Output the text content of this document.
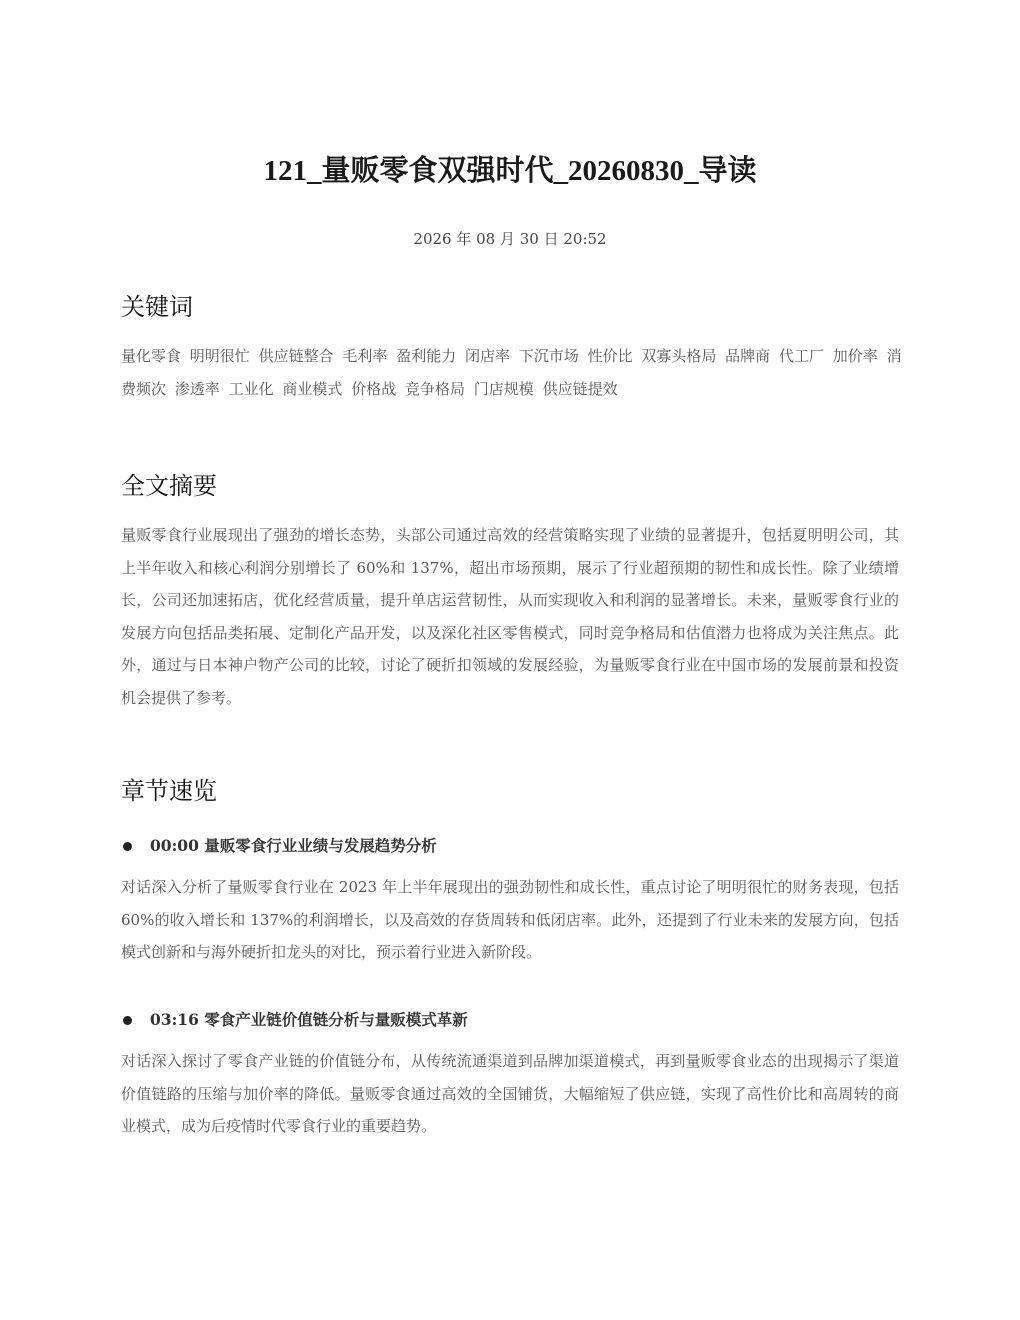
121_量贩零食双强时代_20260830_导读

2026 年 08 月 30 日 20:52

关键词

量化零食 明明很忙 供应链整合 毛利率 盈利能力 闭店率 下沉市场 性价比 双寡头格局 品牌商 代工厂 加价率 消费频次 渗透率 工业化 商业模式 价格战 竞争格局 门店规模 供应链提效

全文摘要

量贩零食行业展现出了强劲的增长态势，头部公司通过高效的经营策略实现了业绩的显著提升，包括夏明明公司，其上半年收入和核心利润分别增长了 60%和 137%，超出市场预期，展示了行业超预期的韧性和成长性。除了业绩增长，公司还加速拓店，优化经营质量，提升单店运营韧性，从而实现收入和利润的显著增长。未来，量贩零食行业的发展方向包括品类拓展、定制化产品开发，以及深化社区零售模式，同时竞争格局和估值潜力也将成为关注焦点。此外，通过与日本神户物产公司的比较，讨论了硬折扣领域的发展经验，为量贩零食行业在中国市场的发展前景和投资机会提供了参考。

章节速览
00:00 量贩零食行业业绩与发展趋势分析

对话深入分析了量贩零食行业在 2023 年上半年展现出的强劲韧性和成长性，重点讨论了明明很忙的财务表现，包括 60%的收入增长和 137%的利润增长，以及高效的存货周转和低闭店率。此外，还提到了行业未来的发展方向，包括模式创新和与海外硬折扣龙头的对比，预示着行业进入新阶段。

03:16 零食产业链价值链分析与量贩模式革新

对话深入探讨了零食产业链的价值链分布，从传统流通渠道到品牌加渠道模式，再到量贩零食业态的出现揭示了渠道价值链路的压缩与加价率的降低。量贩零食通过高效的全国铺货，大幅缩短了供应链，实现了高性价比和高周转的商业模式，成为后疫情时代零食行业的重要趋势。
